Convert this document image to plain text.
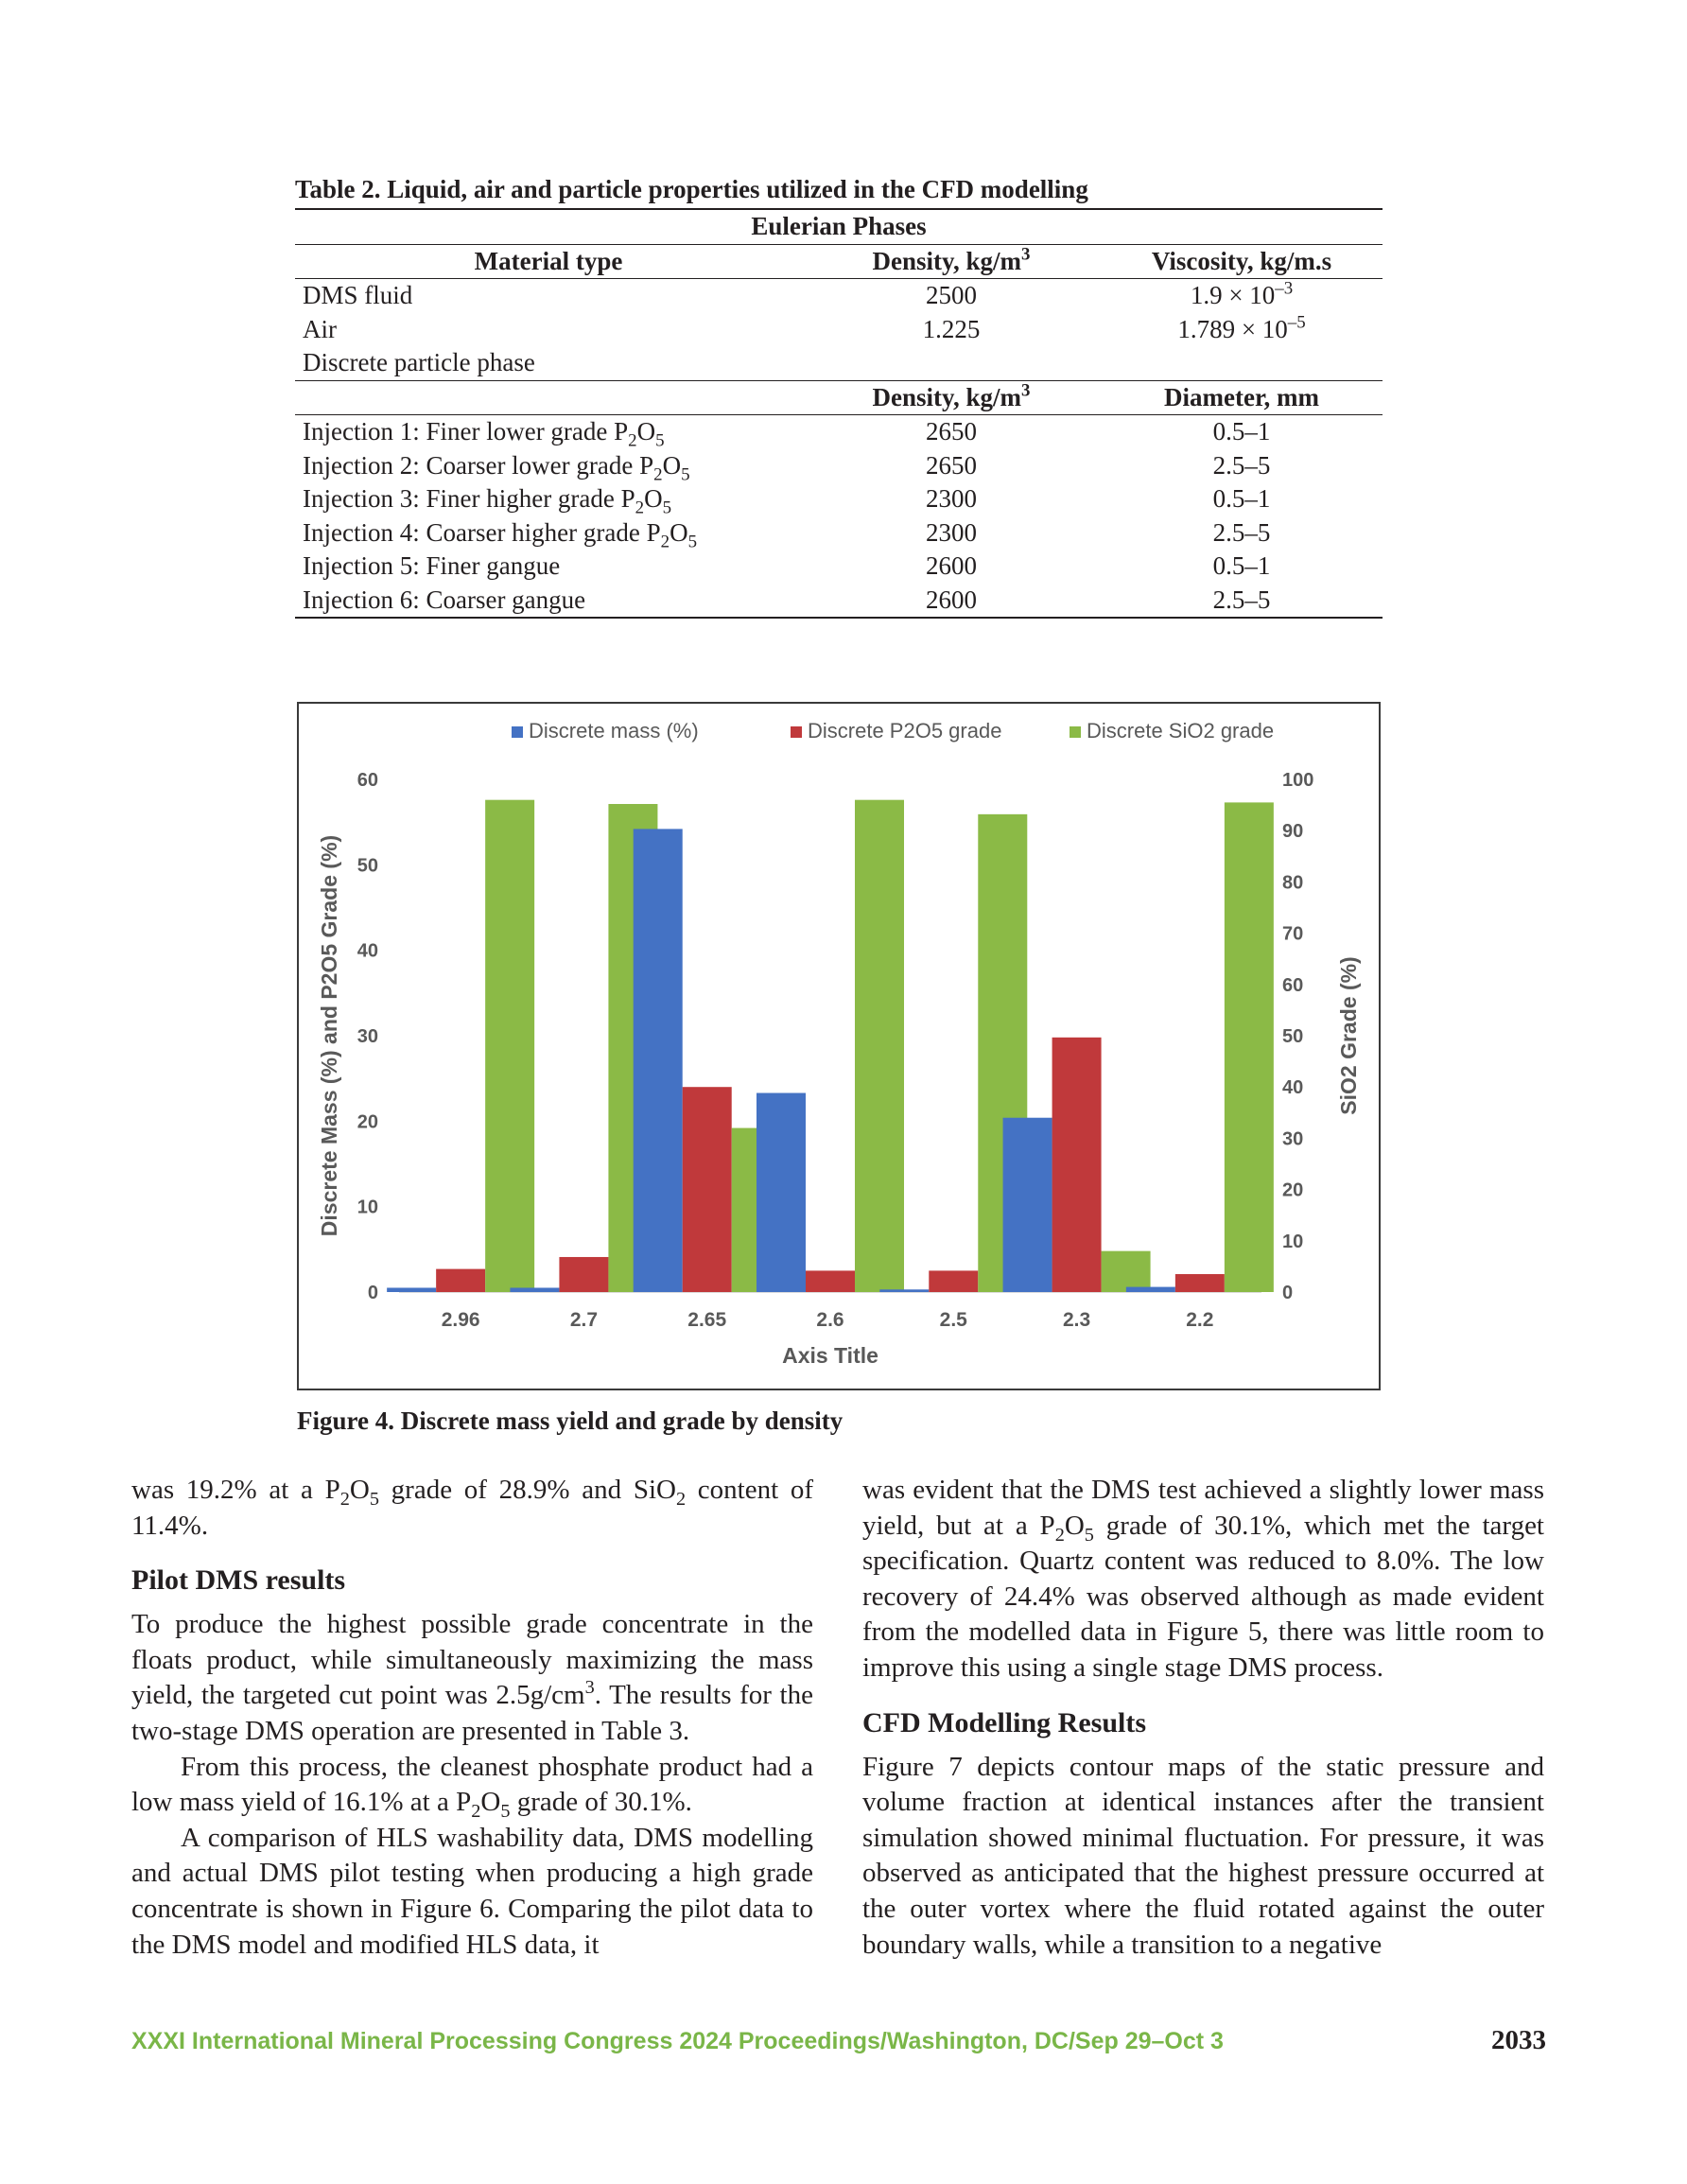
Table 2. Liquid, air and particle properties utilized in the CFD modelling
Eulerian Phases		
Material type	Density, $kg/m^3$	Viscosity, kg/m.s
DMS fluid	2500	$1.9 \times 10^{-3}$
Air	1.225	$1.789 \times 10^{-5}$
Discrete particle phase		
	Density, $kg/m^3$	Diameter, mm
Injection 1: Finer lower grade $P_2O_5$	2650	0.5–1
Injection 2: Coarser lower grade $P_2O_5$	2650	2.5–5
Injection 3: Finer higher grade $P_2O_5$	2300	0.5–1
Injection 4: Coarser higher grade $P_2O_5$	2300	2.5–5
Injection 5: Finer gangue	2600	0.5–1
Injection 6: Coarser gangue	2600	2.5–5
Discrete mass (%)	Discrete P2O5 grade	Discrete SiO2 grade
0
10
20
30
40
50
60
0
10
20
30
40
50
60
70
80
90
100
Discrete Mass (%) and P2O5 Grade (%)	SiO2 Grade (%)
Axis Title
2.96	2.7	2.65	2.6	2.5	2.3	2.2
Figure 4. Discrete mass yield and grade by density

was 19.2% at a $P_2O_5$ grade of 28.9% and SiO$_2$ content of 11.4%.

Pilot DMS results

To produce the highest possible grade concentrate in the floats product, while simultaneously maximizing the mass yield, the targeted cut point was $2.5g/cm^3$. The results for the two-stage DMS operation are presented in Table 3.

From this process, the cleanest phosphate product had a low mass yield of 16.1% at a $P_2O_5$ grade of 30.1%.

A comparison of HLS washability data, DMS modelling and actual DMS pilot testing when producing a high grade concentrate is shown in Figure 6. Comparing the pilot data to the DMS model and modified HLS data, it

was evident that the DMS test achieved a slightly lower mass yield, but at a $P_2O_5$ grade of 30.1%, which met the target specification. Quartz content was reduced to 8.0%. The low recovery of 24.4% was observed although as made evident from the modelled data in Figure 5, there was little room to improve this using a single stage DMS process.

CFD Modelling Results

Figure 7 depicts contour maps of the static pressure and volume fraction at identical instances after the transient simulation showed minimal fluctuation. For pressure, it was observed as anticipated that the highest pressure occurred at the outer vortex where the fluid rotated against the outer boundary walls, while a transition to a negative

XXXI International Mineral Processing Congress 2024 Proceedings/Washington, DC/Sep 29–Oct 3	2033
